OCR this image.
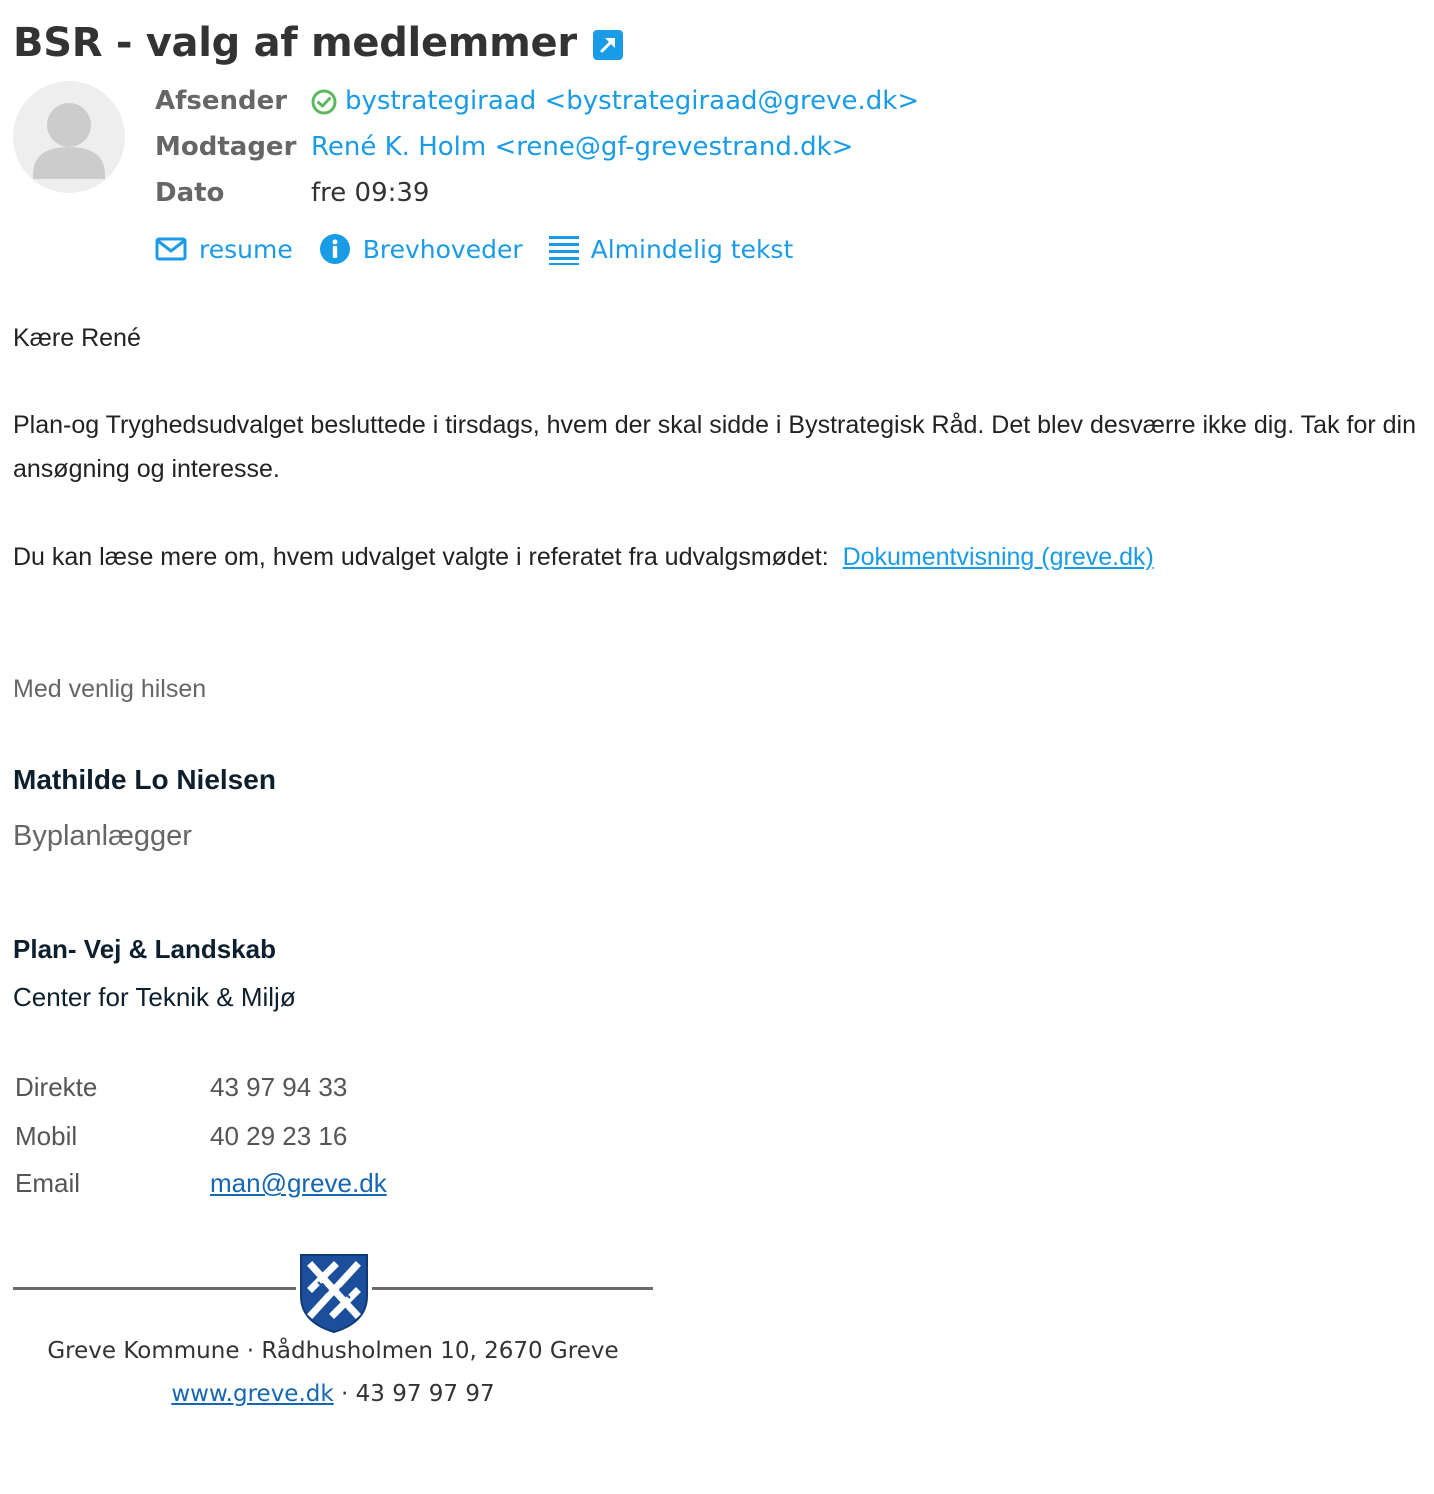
BSR - valg af medlemmer
Afsender	bystrategiraad <bystrategiraad@greve.dk>
Modtager René K. Holm <rene@gf-grevestrand.dk>
Dato	fre 09:39
resume	Brevhoveder	Almindelig tekst
Kære René
Plan-og Tryghedsudvalget besluttede i tirsdags, hvem der skal sidde i Bystrategisk Råd. Det blev desværre ikke dig. Tak for din ansøgning og interesse.
Du kan læse mere om, hvem udvalget valgte i referatet fra udvalgsmødet: Dokumentvisning (greve.dk)
Med venlig hilsen
Mathilde Lo Nielsen
Byplanlægger
Plan- Vej & Landskab
Center for Teknik & Miljø
Direkte	43 97 94 33
Mobil	40 29 23 16
Email	man@greve.dk
Greve Kommune · Rådhusholmen 10, 2670 Greve
www.greve.dk · 43 97 97 97
